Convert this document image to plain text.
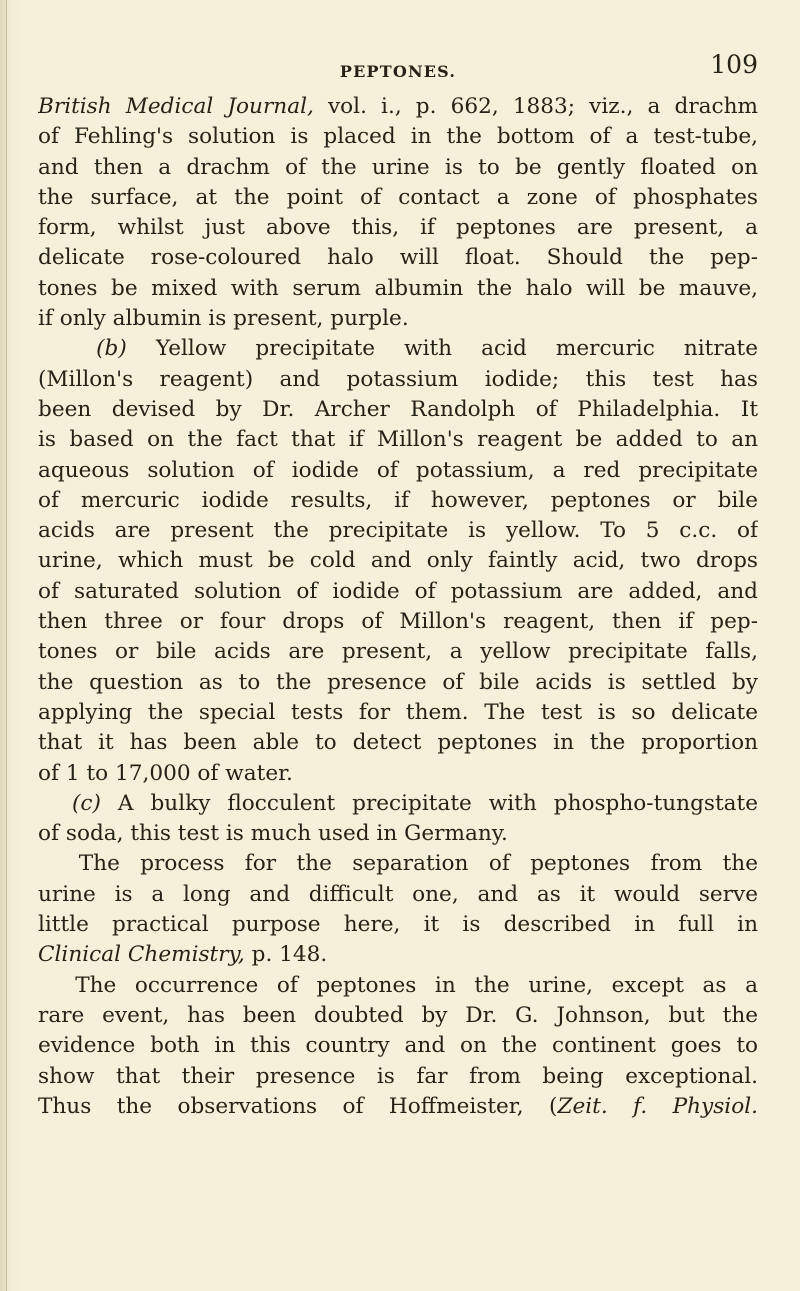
PEPTONES.	109
British Medical Journal, vol. i., p. 662, 1883; viz., a drachm
of Fehling's solution is placed in the bottom of a test-tube,
and then a drachm of the urine is to be gently floated on
the surface, at the point of contact a zone of phosphates
form, whilst just above this, if peptones are present, a
delicate rose-coloured halo will float. Should the pep-
tones be mixed with serum albumin the halo will be mauve,
if only albumin is present, purple.
(b) Yellow precipitate with acid mercuric nitrate
(Millon's reagent) and potassium iodide; this test has
been devised by Dr. Archer Randolph of Philadelphia. It
is based on the fact that if Millon's reagent be added to an
aqueous solution of iodide of potassium, a red precipitate
of mercuric iodide results, if however, peptones or bile
acids are present the precipitate is yellow. To 5 c.c. of
urine, which must be cold and only faintly acid, two drops
of saturated solution of iodide of potassium are added, and
then three or four drops of Millon's reagent, then if pep-
tones or bile acids are present, a yellow precipitate falls,
the question as to the presence of bile acids is settled by
applying the special tests for them. The test is so delicate
that it has been able to detect peptones in the proportion
of 1 to 17,000 of water.
(c) A bulky flocculent precipitate with phospho-tungstate
of soda, this test is much used in Germany.
The process for the separation of peptones from the
urine is a long and difficult one, and as it would serve
little practical purpose here, it is described in full in
Clinical Chemistry, p. 148.
The occurrence of peptones in the urine, except as a
rare event, has been doubted by Dr. G. Johnson, but the
evidence both in this country and on the continent goes to
show that their presence is far from being exceptional.
Thus the observations of Hoffmeister, (Zeit. f. Physiol.
